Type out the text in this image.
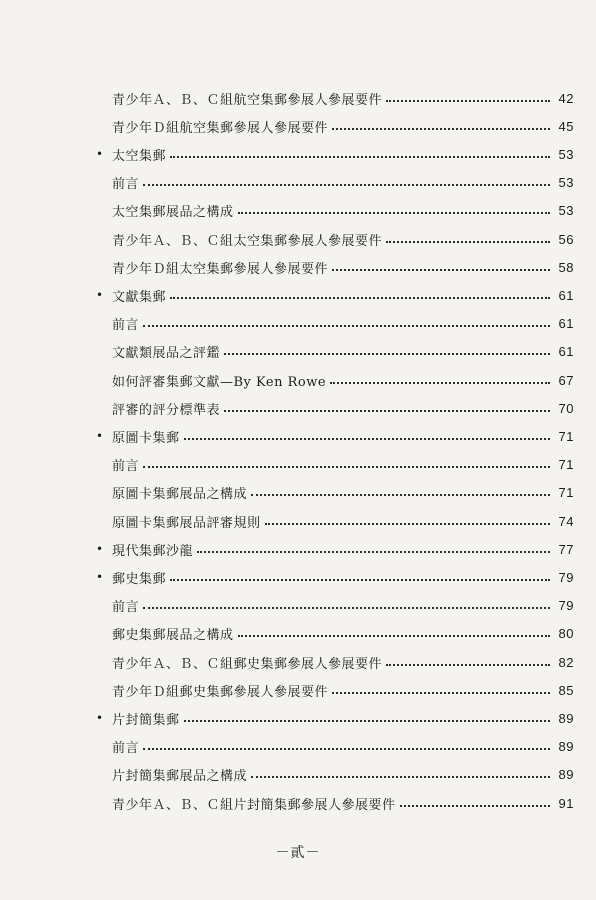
青少年Ａ、Ｂ、Ｃ組航空集郵參展人參展要件	42
青少年Ｄ組航空集郵參展人參展要件	45
• 太空集郵	53
前言	53
太空集郵展品之構成	53
青少年Ａ、Ｂ、Ｃ組太空集郵參展人參展要件	56
青少年Ｄ組太空集郵參展人參展要件	58
• 文獻集郵	61
前言	61
文獻類展品之評鑑	61
如何評審集郵文獻—By Ken Rowe	67
評審的評分標準表	70
• 原圖卡集郵	71
前言	71
原圖卡集郵展品之構成	71
原圖卡集郵展品評審規則	74
• 現代集郵沙龍	77
• 郵史集郵	79
前言	79
郵史集郵展品之構成	80
青少年Ａ、Ｂ、Ｃ組郵史集郵參展人參展要件	82
青少年Ｄ組郵史集郵參展人參展要件	85
• 片封簡集郵	89
前言	89
片封簡集郵展品之構成	89
青少年Ａ、Ｂ、Ｃ組片封簡集郵參展人參展要件	91
－貳－
